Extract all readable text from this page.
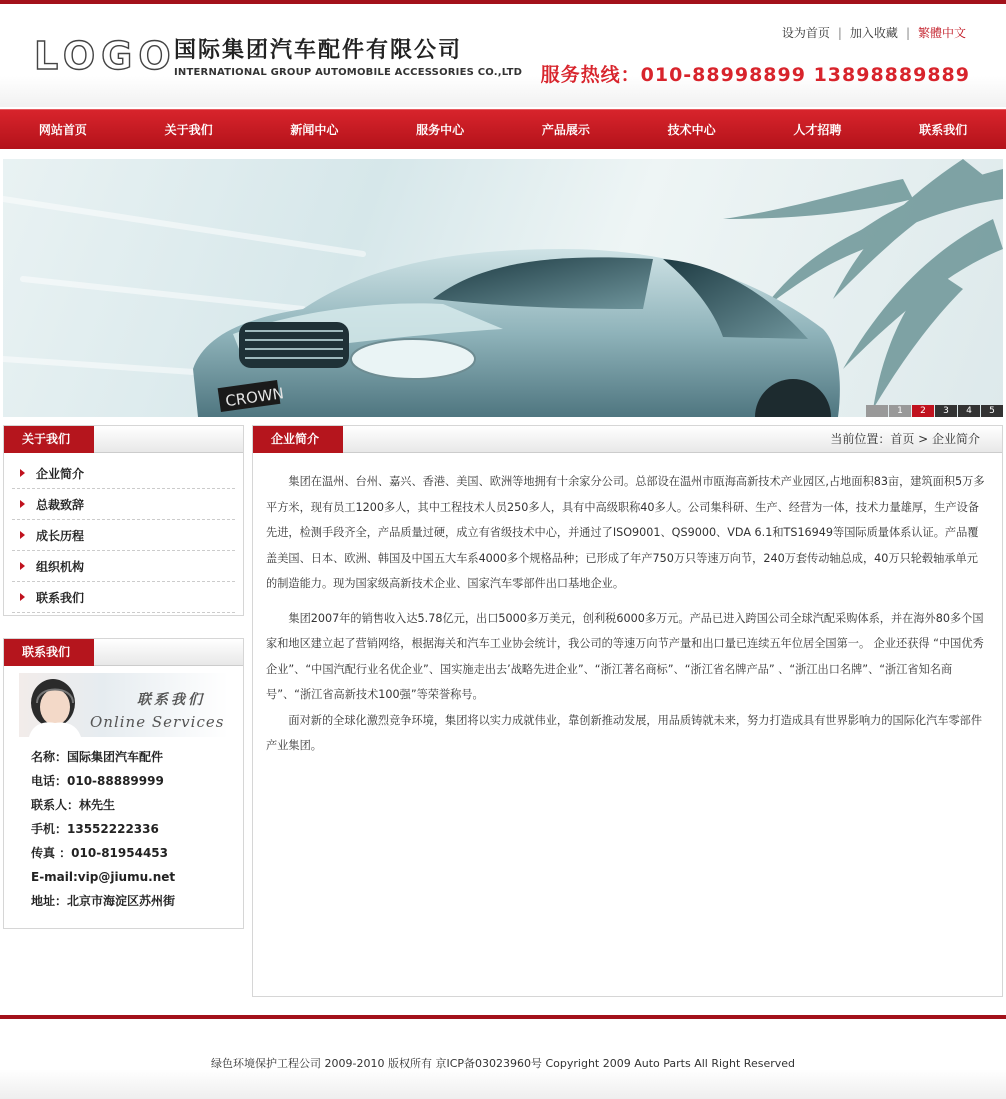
LOGO
国际集团汽车配件有限公司
INTERNATIONAL GROUP AUTOMOBILE ACCESSORIES CO.,LTD
设为首页 | 加入收藏 | 繁體中文
服务热线：010-88998899 13898889889
网站首页	关于我们	新闻中心	服务中心	产品展示	技术中心	人才招聘	联系我们
CROWN
1	2	3	4	5
关于我们
企业简介
总裁致辞
成长历程
组织机构
联系我们
联系我们
联系我们
Online Services
名称：国际集团汽车配件
电话：010-88889999
联系人：林先生
手机：13552222336
传真 ：010-81954453
E-mail:vip@jiumu.net
地址：北京市海淀区苏州街
企业简介	当前位置：首页 > 企业简介

集团在温州、台州、嘉兴、香港、美国、欧洲等地拥有十余家分公司。总部设在温州市瓯海高新技术产业园区,占地面积83亩，建筑面积5万多平方米，现有员工1200多人，其中工程技术人员250多人，具有中高级职称40多人。公司集科研、生产、经营为一体，技术力量雄厚，生产设备先进，检测手段齐全，产品质量过硬，成立有省级技术中心，并通过了ISO9001、QS9000、VDA 6.1和TS16949等国际质量体系认证。产品覆盖美国、日本、欧洲、韩国及中国五大车系4000多个规格品种；已形成了年产750万只等速万向节，240万套传动轴总成，40万只轮毂轴承单元的制造能力。现为国家级高新技术企业、国家汽车零部件出口基地企业。

集团2007年的销售收入达5.78亿元，出口5000多万美元，创利税6000多万元。产品已进入跨国公司全球汽配采购体系，并在海外80多个国家和地区建立起了营销网络，根据海关和汽车工业协会统计，我公司的等速万向节产量和出口量已连续五年位居全国第一。 企业还获得 “中国优秀企业”、“中国汽配行业名优企业”、国实施走出去’战略先进企业”、“浙江著名商标”、“浙江省名牌产品” 、“浙江出口名牌”、“浙江省知名商号”、“浙江省高新技术100强”等荣誉称号。

面对新的全球化激烈竞争环境，集团将以实力成就伟业，靠创新推动发展，用品质铸就未来，努力打造成具有世界影响力的国际化汽车零部件产业集团。

绿色环境保护工程公司 2009-2010 版权所有 京ICP备03023960号 Copyright 2009 Auto Parts All Right Reserved
